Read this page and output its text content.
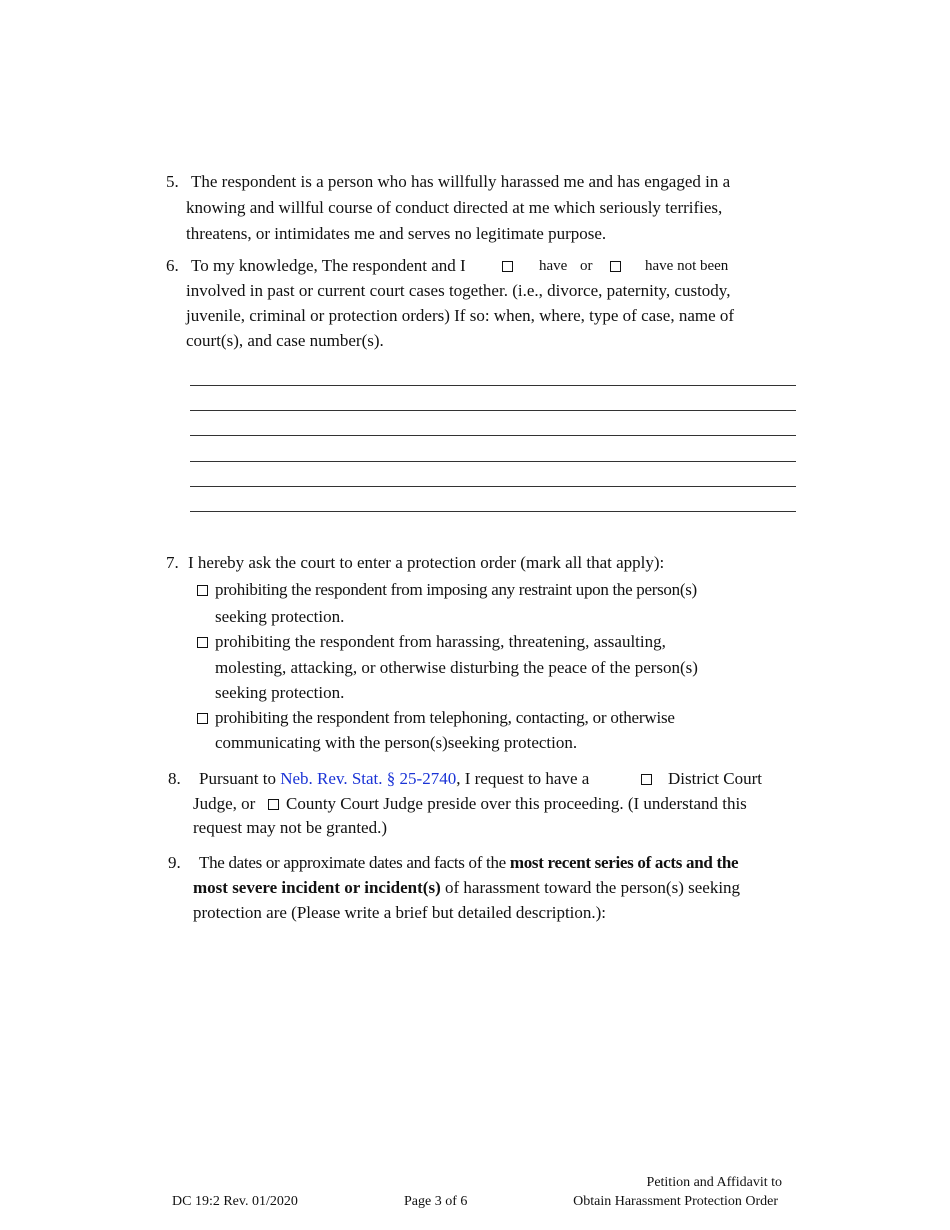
5. The respondent is a person who has willfully harassed me and has engaged in a
knowing and willful course of conduct directed at me which seriously terrifies,
threatens, or intimidates me and serves no legitimate purpose.
6. To my knowledge, The respondent and I	have or	have not been
involved in past or current court cases together. (i.e., divorce, paternity, custody,
juvenile, criminal or protection orders) If so: when, where, type of case, name of
court(s), and case number(s).
7. I hereby ask the court to enter a protection order (mark all that apply):
prohibiting the respondent from imposing any restraint upon the person(s)
seeking protection.
prohibiting the respondent from harassing, threatening, assaulting,
molesting, attacking, or otherwise disturbing the peace of the person(s)
seeking protection.
prohibiting the respondent from telephoning, contacting, or otherwise
communicating with the person(s)seeking protection.
8. Pursuant to Neb. Rev. Stat. § 25-2740, I request to have a	District Court
Judge, or County Court Judge preside over this proceeding. (I understand this
request may not be granted.)
9. The dates or approximate dates and facts of the most recent series of acts and the
most severe incident or incident(s) of harassment toward the person(s) seeking
protection are (Please write a brief but detailed description.):
DC 19:2 Rev. 01/2020	Page 3 of 6
Petition and Affidavit to
Obtain Harassment Protection Order
